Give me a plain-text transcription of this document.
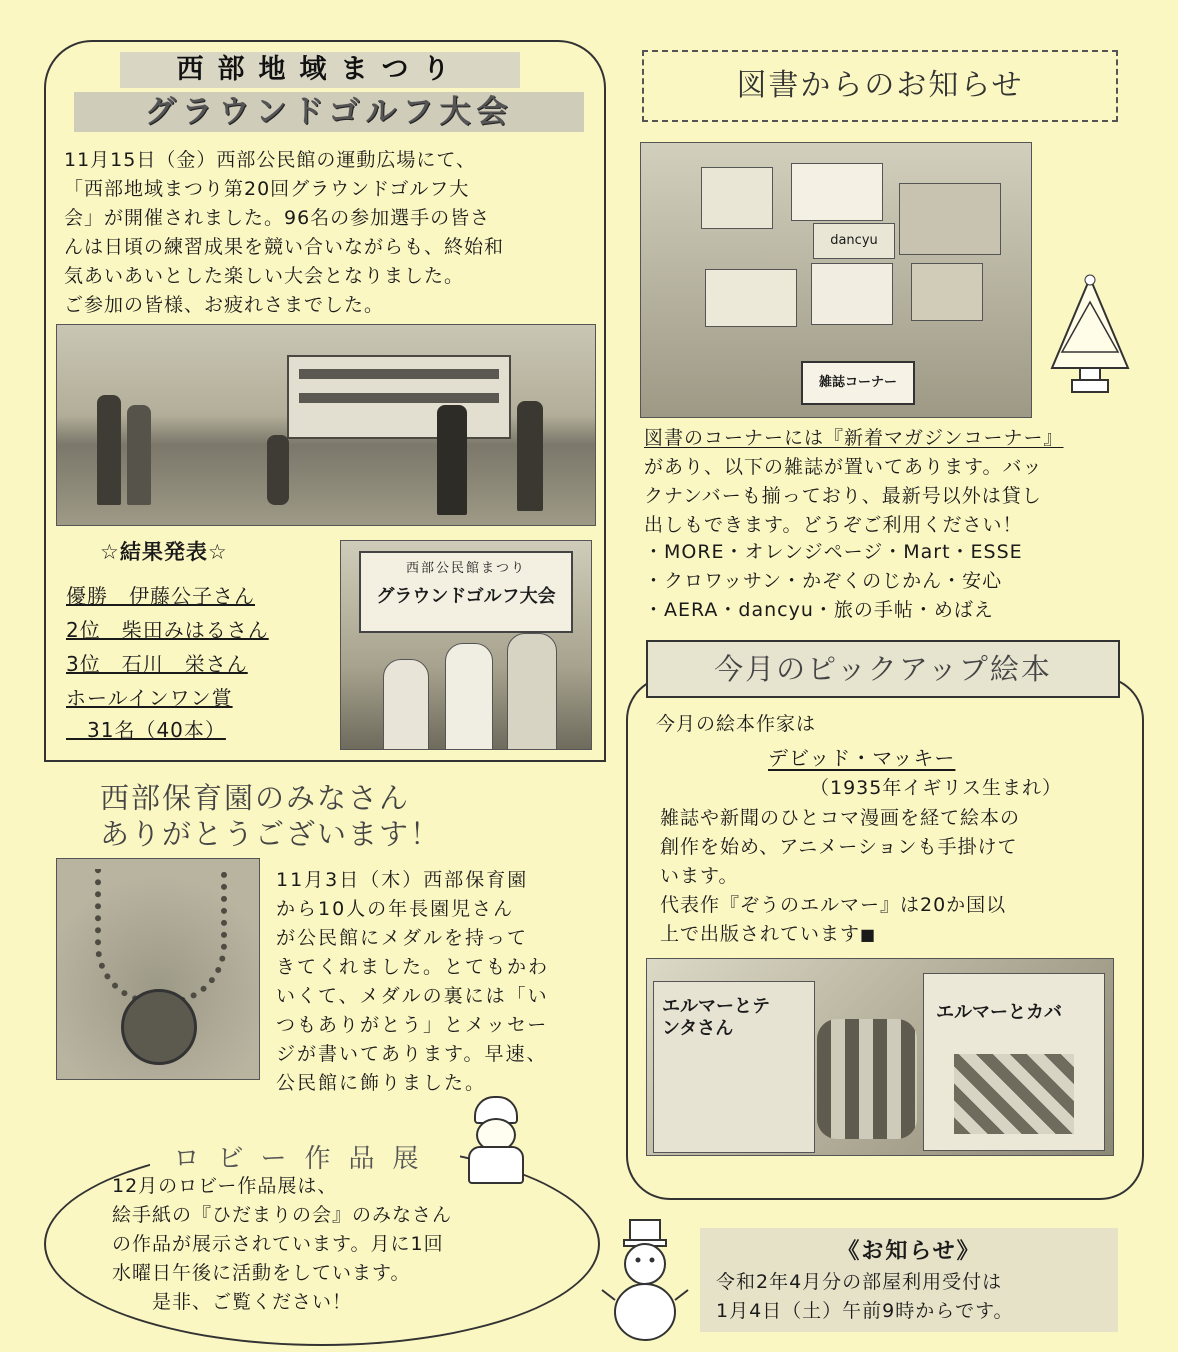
西部地域まつり
グラウンドゴルフ大会
11月15日（金）西部公民館の運動広場にて、
「西部地域まつり第20回グラウンドゴルフ大
会」が開催されました。96名の参加選手の皆さ
んは日頃の練習成果を競い合いながらも、終始和
気あいあいとした楽しい大会となりました。
ご参加の皆様、お疲れさまでした。
☆結果発表☆
優勝　伊藤公子さん
2位　柴田みはるさん
3位　石川　栄さん
ホールインワン賞
　31名（40本）
西部公民館まつり
グラウンドゴルフ大会
西部保育園のみなさん
ありがとうございます！
11月3日（木）西部保育園
から10人の年長園児さん
が公民館にメダルを持って
きてくれました。とてもかわ
いくて、メダルの裏には「い
つもありがとう」とメッセー
ジが書いてあります。早速、
公民館に飾りました。
ロビー作品展
12月のロビー作品展は、
絵手紙の『ひだまりの会』のみなさん
の作品が展示されています。月に1回
水曜日午後に活動をしています。
　　是非、ご覧ください！
図書からのお知らせ
dancyu
雑誌コーナー
図書のコーナーには『新着マガジンコーナー』
があり、以下の雑誌が置いてあります。バッ
クナンバーも揃っており、最新号以外は貸し
出しもできます。どうぞご利用ください！
・MORE・オレンジページ・Mart・ESSE
・クロワッサン・かぞくのじかん・安心
・AERA・dancyu・旅の手帖・めばえ
今月のピックアップ絵本
今月の絵本作家は
デビッド・マッキー
（1935年イギリス生まれ）
雑誌や新聞のひとコマ漫画を経て絵本の
創作を始め、アニメーションも手掛けて
います。
代表作『ぞうのエルマー』は20か国以
上で出版されています■
エルマーとテンタさん
エルマーとカバ
《お知らせ》
令和2年4月分の部屋利用受付は
1月4日（土）午前9時からです。
